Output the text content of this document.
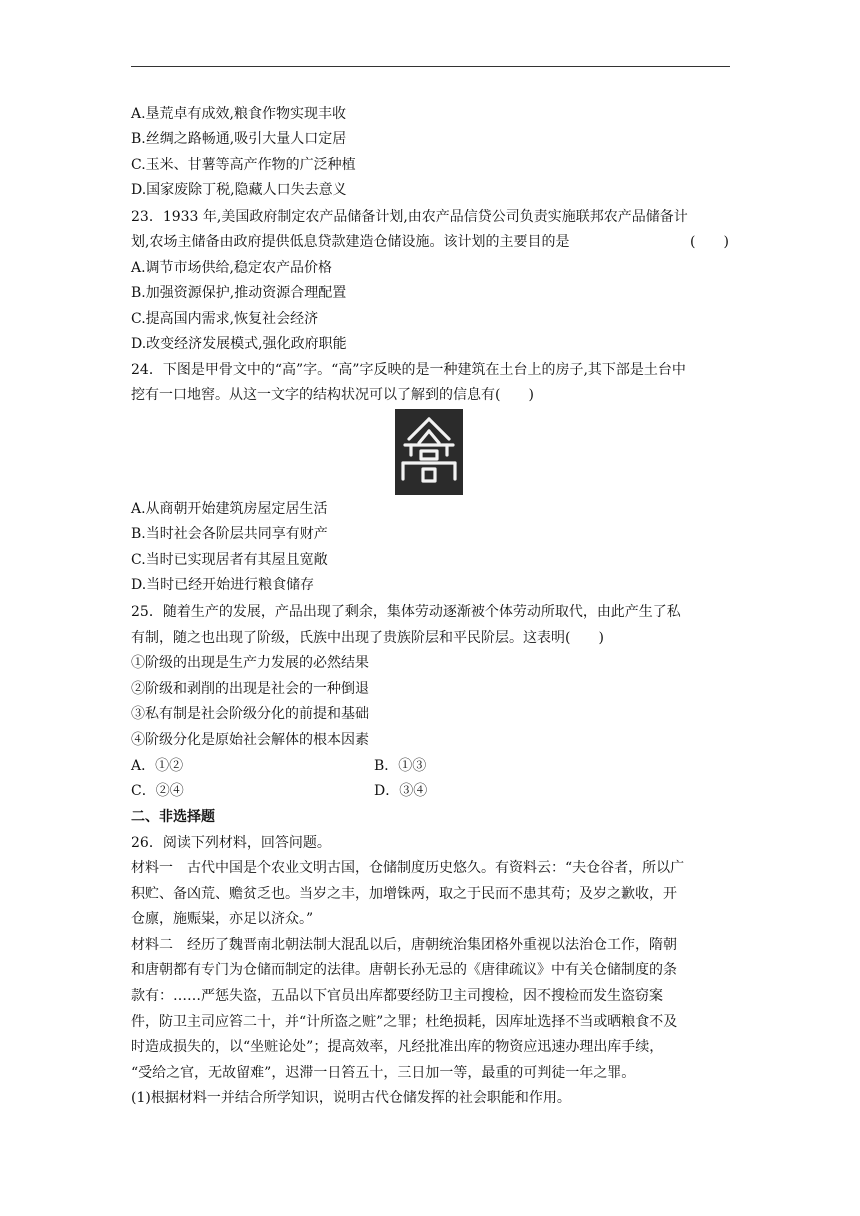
A.垦荒卓有成效,粮食作物实现丰收
B.丝绸之路畅通,吸引大量人口定居
C.玉米、甘薯等高产作物的广泛种植
D.国家废除丁税,隐藏人口失去意义
23．1933 年,美国政府制定农产品储备计划,由农产品信贷公司负责实施联邦农产品储备计
划,农场主储备由政府提供低息贷款建造仓储设施。该计划的主要目的是	(　　)
A.调节市场供给,稳定农产品价格
B.加强资源保护,推动资源合理配置
C.提高国内需求,恢复社会经济
D.改变经济发展模式,强化政府职能
24．下图是甲骨文中的“高”字。“高”字反映的是一种建筑在土台上的房子,其下部是土台中
挖有一口地窖。从这一文字的结构状况可以了解到的信息有(　　)
A.从商朝开始建筑房屋定居生活
B.当时社会各阶层共同享有财产
C.当时已实现居者有其屋且宽敞
D.当时已经开始进行粮食储存
25．随着生产的发展，产品出现了剩余，集体劳动逐渐被个体劳动所取代，由此产生了私
有制，随之也出现了阶级，氏族中出现了贵族阶层和平民阶层。这表明(　　)
①阶级的出现是生产力发展的必然结果
②阶级和剥削的出现是社会的一种倒退
③私有制是社会阶级分化的前提和基础
④阶级分化是原始社会解体的根本因素
A．①②	B．①③
C．②④	D．③④
二、非选择题
26．阅读下列材料，回答问题。
材料一　古代中国是个农业文明古国，仓储制度历史悠久。有资料云：“夫仓谷者，所以广
积贮、备凶荒、赡贫乏也。当岁之丰，加增铢两，取之于民而不患其苟；及岁之歉收，开
仓廪，施赈粜，亦足以济众。”
材料二　经历了魏晋南北朝法制大混乱以后，唐朝统治集团格外重视以法治仓工作，隋朝
和唐朝都有专门为仓储而制定的法律。唐朝长孙无忌的《唐律疏议》中有关仓储制度的条
款有：……严惩失盗，五品以下官员出库都要经防卫主司搜检，因不搜检而发生盗窃案
件，防卫主司应笞二十，并“计所盗之赃”之罪；杜绝损耗，因库址选择不当或晒粮食不及
时造成损失的，以“坐赃论处”；提高效率，凡经批准出库的物资应迅速办理出库手续，
“受给之官，无故留难”，迟滞一日笞五十，三日加一等，最重的可判徒一年之罪。
(1)根据材料一并结合所学知识，说明古代仓储发挥的社会职能和作用。
